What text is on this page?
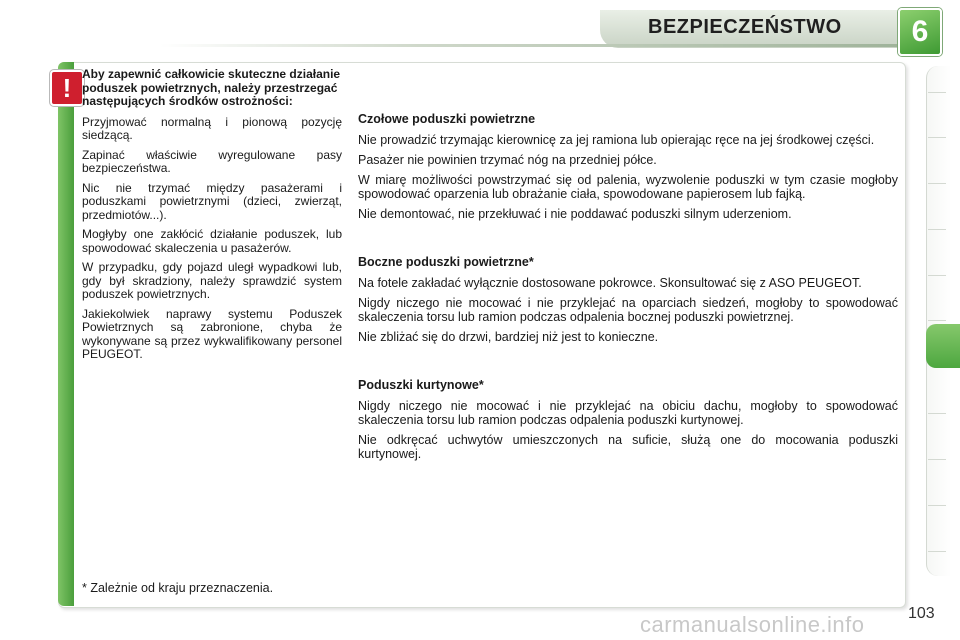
BEZPIECZEŃSTWO	6
! Aby zapewnić całkowicie skuteczne działanie poduszek powietrznych, należy przestrzegać następujących środków ostrożności:

Przyjmować normalną i pionową pozycję siedzącą.

Zapinać właściwie wyregulowane pasy bezpieczeństwa.

Nic nie trzymać między pasażerami i poduszkami powietrznymi (dzieci, zwierząt, przedmiotów...).

Mogłyby one zakłócić działanie poduszek, lub spowodować skaleczenia u pasażerów.

W przypadku, gdy pojazd uległ wypadkowi lub, gdy był skradziony, należy sprawdzić system poduszek powietrznych.

Jakiekolwiek naprawy systemu Poduszek Powietrznych są zabronione, chyba że wykonywane są przez wykwalifikowany personel PEUGEOT.

* Zależnie od kraju przeznaczenia.
Czołowe poduszki powietrzne

Nie prowadzić trzymając kierownicę za jej ramiona lub opierając ręce na jej środkowej części.

Pasażer nie powinien trzymać nóg na przedniej półce.

W miarę możliwości powstrzymać się od palenia, wyzwolenie poduszki w tym czasie mogłoby spowodować oparzenia lub obrażanie ciała, spowodowane papierosem lub fajką.

Nie demontować, nie przekłuwać i nie poddawać poduszki silnym uderzeniom.

Boczne poduszki powietrzne*

Na fotele zakładać wyłącznie dostosowane pokrowce. Skonsultować się z ASO PEUGEOT.

Nigdy niczego nie mocować i nie przyklejać na oparciach siedzeń, mogłoby to spowodować skaleczenia torsu lub ramion podczas odpalenia bocznej poduszki powietrznej.

Nie zbliżać się do drzwi, bardziej niż jest to konieczne.

Poduszki kurtynowe*

Nigdy niczego nie mocować i nie przyklejać na obiciu dachu, mogłoby to spowodować skaleczenia torsu lub ramion podczas odpalenia poduszki kurtynowej.

Nie odkręcać uchwytów umieszczonych na suficie, służą one do mocowania poduszki kurtynowej.

103
carmanualsonline.info
